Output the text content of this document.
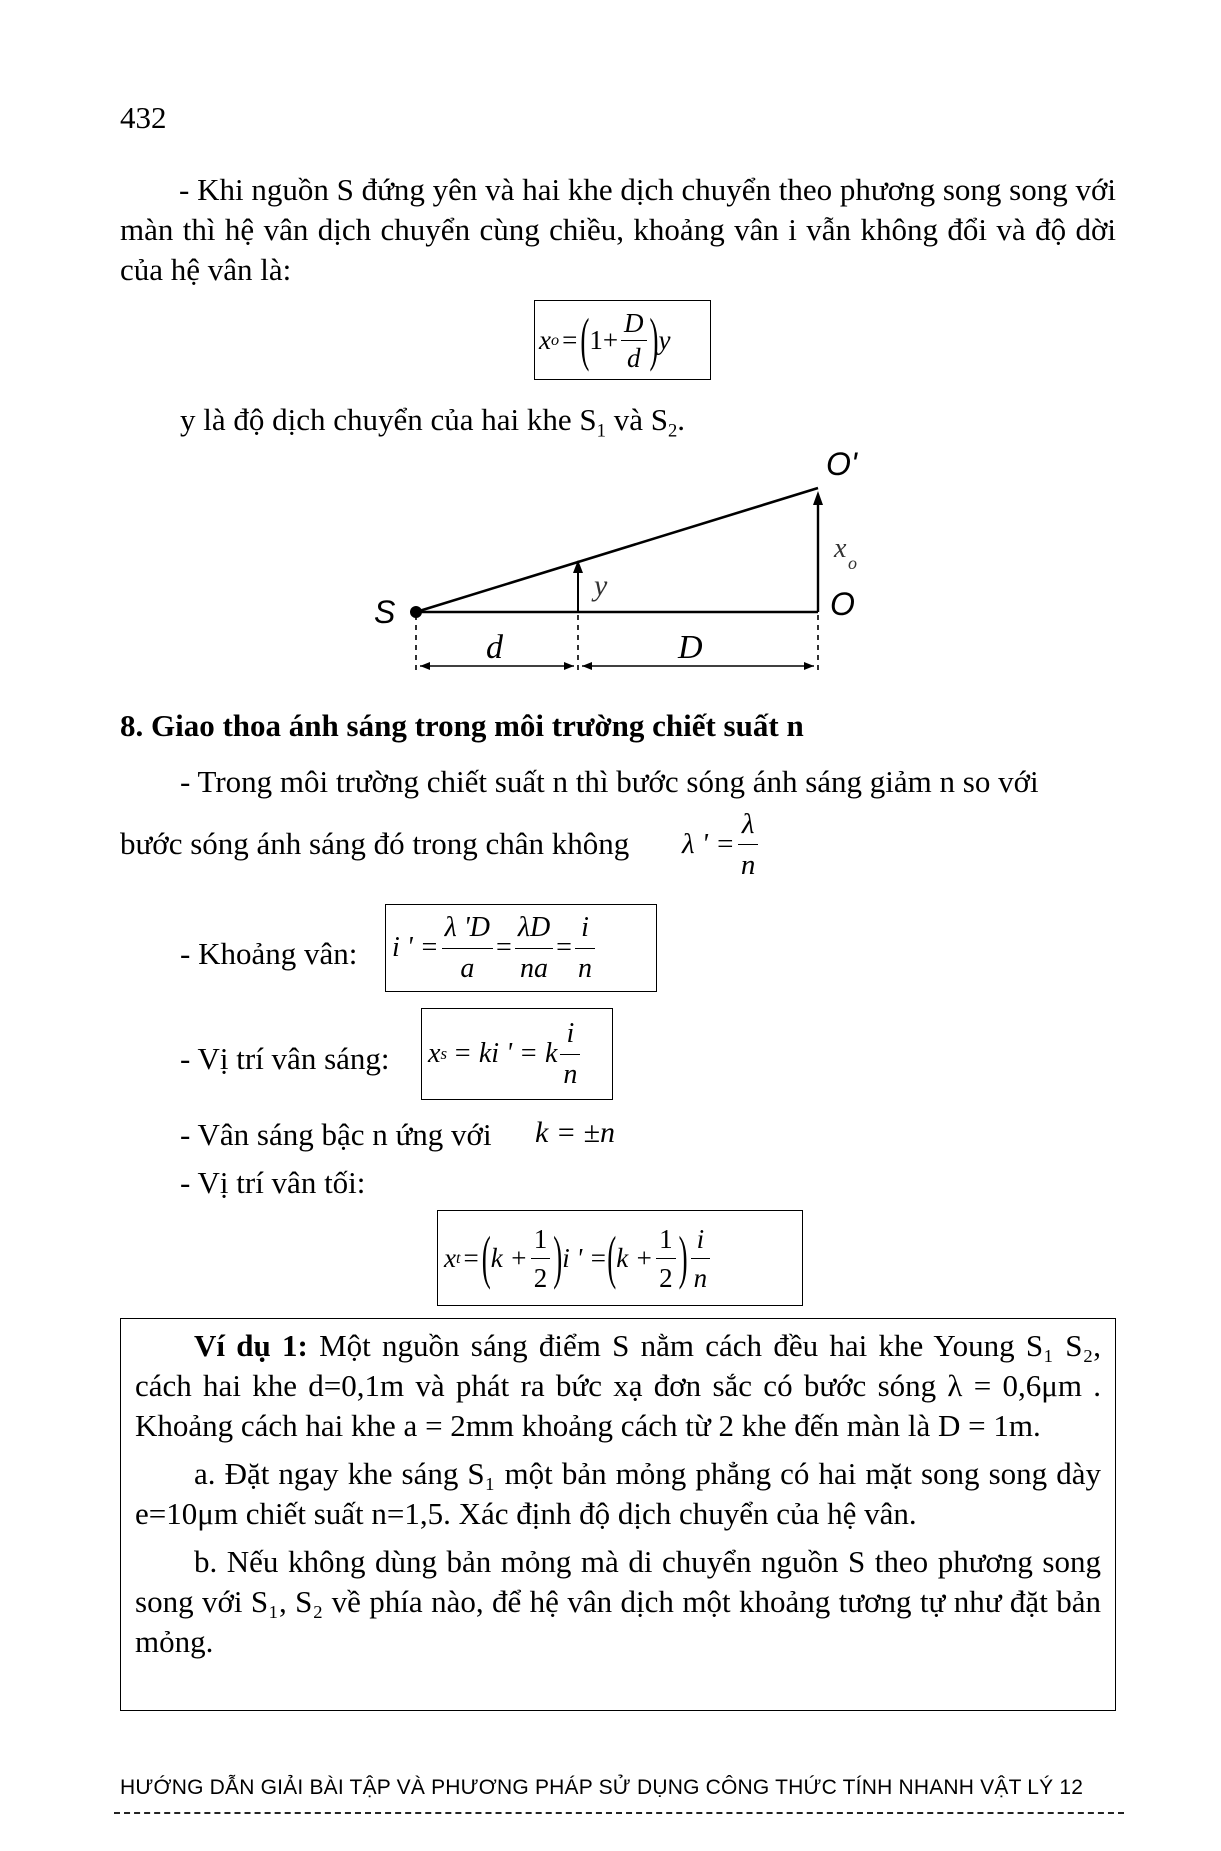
432

- Khi nguồn S đứng yên và hai khe dịch chuyển theo phương song song với màn thì hệ vân dịch chuyển cùng chiều, khoảng vân i vẫn không đổi và độ dời của hệ vân là:

x o = ( $1+ \frac{D}{d}$ ) y
y là độ dịch chuyển của hai khe $S_1$ và $S_2$.
S	O
O'
y
x o
d	D
8. Giao thoa ánh sáng trong môi trường chiết suất n
- Trong môi trường chiết suất n thì bước sóng ánh sáng giảm n so với
bước sóng ánh sáng đó trong chân không λ ' = $\frac{\lambda}{n}$
- Khoảng vân: i ' = $\frac{\lambda 'D}{a} = \frac{\lambda D}{na} = \frac{i}{n}$
- Vị trí vân sáng: x s = ki ' = k $\frac{i}{n}$
- Vân sáng bậc n ứng với k = ±n
- Vị trí vân tối:
x t = ( $k + \frac{1}{2}$ ) i ' = ( $k + \frac{1}{2}$ ) $\frac{i}{n}$

Ví dụ 1: Một nguồn sáng điểm S nằm cách đều hai khe Young S₁ S₂, cách hai khe d=0,1m và phát ra bức xạ đơn sắc có bước sóng λ = 0,6μm . Khoảng cách hai khe a = 2mm khoảng cách từ 2 khe đến màn là D = 1m.

a. Đặt ngay khe sáng S₁ một bản mỏng phẳng có hai mặt song song dày e=10μm chiết suất n=1,5. Xác định độ dịch chuyển của hệ vân.

b. Nếu không dùng bản mỏng mà di chuyển nguồn S theo phương song song với S₁, S₂ về phía nào, để hệ vân dịch một khoảng tương tự như đặt bản mỏng.

HƯỚNG DẪN GIẢI BÀI TẬP VÀ PHƯƠNG PHÁP SỬ DỤNG CÔNG THỨC TÍNH NHANH VẬT LÝ 12
